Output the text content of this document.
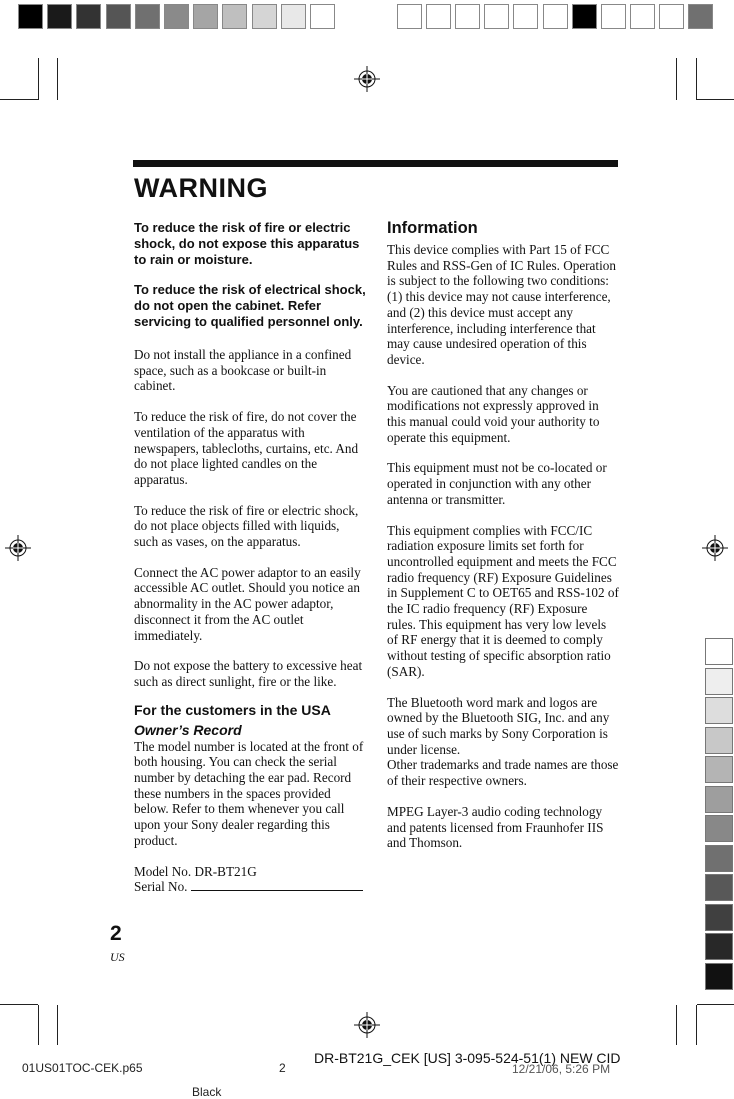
WARNING

To reduce the risk of fire or electric shock, do not expose this apparatus to rain or moisture.

To reduce the risk of electrical shock, do not open the cabinet. Refer servicing to qualified personnel only.

Do not install the appliance in a confined space, such as a bookcase or built-in cabinet.

To reduce the risk of fire, do not cover the ventilation of the apparatus with newspapers, tablecloths, curtains, etc. And do not place lighted candles on the apparatus.

To reduce the risk of fire or electric shock, do not place objects filled with liquids, such as vases, on the apparatus.

Connect the AC power adaptor to an easily accessible AC outlet. Should you notice an abnormality in the AC power adaptor, disconnect it from the AC outlet immediately.

Do not expose the battery to excessive heat such as direct sunlight, fire or the like.

For the customers in the USA
Owner’s Record

The model number is located at the front of both housing. You can check the serial number by detaching the ear pad. Record these numbers in the spaces provided below. Refer to them whenever you call upon your Sony dealer regarding this product.

Model No. DR-BT21G
Serial No.
Information

This device complies with Part 15 of FCC Rules and RSS-Gen of IC Rules. Operation is subject to the following two conditions: (1) this device may not cause interference, and (2) this device must accept any interference, including interference that may cause undesired operation of this device.

You are cautioned that any changes or modifications not expressly approved in this manual could void your authority to operate this equipment.

This equipment must not be co-located or operated in conjunction with any other antenna or transmitter.

This equipment complies with FCC/IC radiation exposure limits set forth for uncontrolled equipment and meets the FCC radio frequency (RF) Exposure Guidelines in Supplement C to OET65 and RSS-102 of the IC radio frequency (RF) Exposure rules. This equipment has very low levels of RF energy that it is deemed to comply without testing of specific absorption ratio (SAR).

The Bluetooth word mark and logos are owned by the Bluetooth SIG, Inc. and any use of such marks by Sony Corporation is under license.
Other trademarks and trade names are those of their respective owners.

MPEG Layer-3 audio coding technology and patents licensed from Fraunhofer IIS and Thomson.

2
US
01US01TOC-CEK.p65	2	12/21/06, 5:26 PM
DR-BT21G_CEK [US] 3-095-524-51(1) NEW CID
Black
